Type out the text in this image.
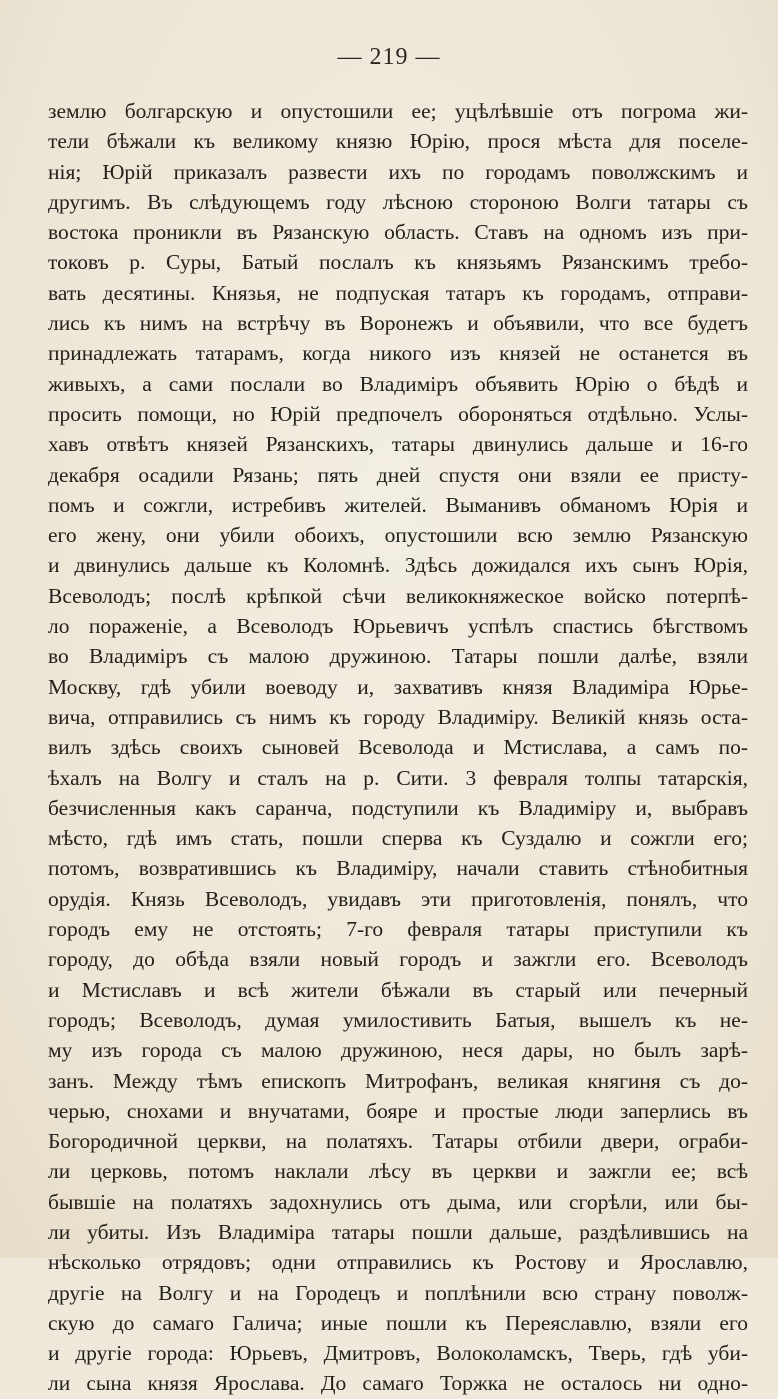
— 219 —
землю болгарскую и опустошили ее; уцѣлѣвшіе отъ погрома жи-
тели бѣжали къ великому князю Юрію, прося мѣста для поселе-
нія; Юрій приказалъ развести ихъ по городамъ поволжскимъ и
другимъ. Въ слѣдующемъ году лѣсною стороною Волги татары съ
востока проникли въ Рязанскую область. Ставъ на одномъ изъ при-
токовъ р. Суры, Батый послалъ къ князьямъ Рязанскимъ требо-
вать десятины. Князья, не подпуская татаръ къ городамъ, отправи-
лись къ нимъ на встрѣчу въ Воронежъ и объявили, что все будетъ
принадлежать татарамъ, когда никого изъ князей не останется въ
живыхъ, а сами послали во Владиміръ объявить Юрію о бѣдѣ и
просить помощи, но Юрій предпочелъ обороняться отдѣльно. Услы-
хавъ отвѣтъ князей Рязанскихъ, татары двинулись дальше и 16-го
декабря осадили Рязань; пять дней спустя они взяли ее присту-
помъ и сожгли, истребивъ жителей. Выманивъ обманомъ Юрія и
его жену, они убили обоихъ, опустошили всю землю Рязанскую
и двинулись дальше къ Коломнѣ. Здѣсь дожидался ихъ сынъ Юрія,
Всеволодъ; послѣ крѣпкой сѣчи великокняжеское войско потерпѣ-
ло пораженіе, а Всеволодъ Юрьевичъ успѣлъ спастись бѣгствомъ
во Владиміръ съ малою дружиною. Татары пошли далѣе, взяли
Москву, гдѣ убили воеводу и, захвативъ князя Владиміра Юрье-
вича, отправились съ нимъ къ городу Владиміру. Великій князь оста-
вилъ здѣсь своихъ сыновей Всеволода и Мстислава, а самъ по-
ѣхалъ на Волгу и сталъ на р. Сити. 3 февраля толпы татарскія,
безчисленныя какъ саранча, подступили къ Владиміру и, выбравъ
мѣсто, гдѣ имъ стать, пошли сперва къ Суздалю и сожгли его;
потомъ, возвратившись къ Владиміру, начали ставить стѣнобитныя
орудія. Князь Всеволодъ, увидавъ эти приготовленія, понялъ, что
городъ ему не отстоять; 7-го февраля татары приступили къ
городу, до обѣда взяли новый городъ и зажгли его. Всеволодъ
и Мстиславъ и всѣ жители бѣжали въ старый или печерный
городъ; Всеволодъ, думая умилостивить Батыя, вышелъ къ не-
му изъ города съ малою дружиною, неся дары, но былъ зарѣ-
занъ. Между тѣмъ епископъ Митрофанъ, великая княгиня съ до-
черью, снохами и внучатами, бояре и простые люди заперлись въ
Богородичной церкви, на полатяхъ. Татары отбили двери, ограби-
ли церковь, потомъ наклали лѣсу въ церкви и зажгли ее; всѣ
бывшіе на полатяхъ задохнулись отъ дыма, или сгорѣли, или бы-
ли убиты. Изъ Владиміра татары пошли дальше, раздѣлившись на
нѣсколько отрядовъ; одни отправились къ Ростову и Ярославлю,
другіе на Волгу и на Городецъ и поплѣнили всю страну поволж-
скую до самаго Галича; иные пошли къ Переяславлю, взяли его
и другіе города: Юрьевъ, Дмитровъ, Волоколамскъ, Тверь, гдѣ уби-
ли сына князя Ярослава. До самаго Торжка не осталось ни одно-
